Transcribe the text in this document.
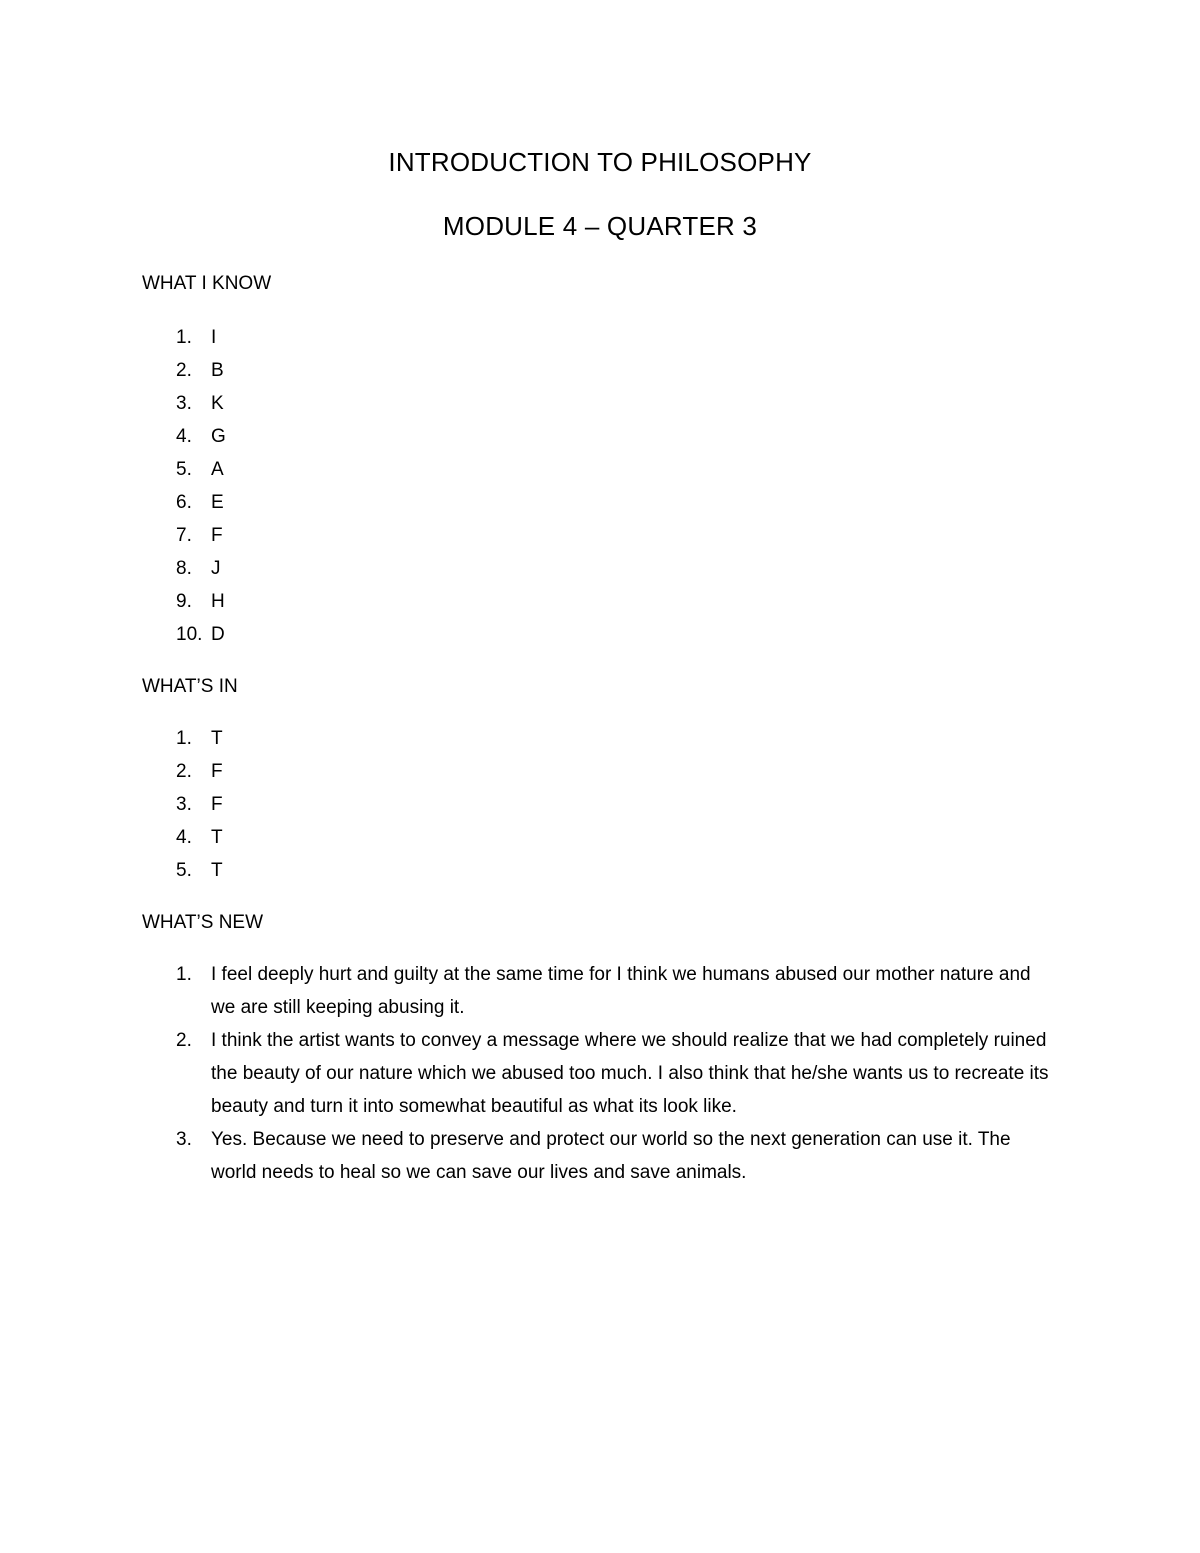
INTRODUCTION TO PHILOSOPHY
MODULE 4 – QUARTER 3
WHAT I KNOW
1.	I
2.	B
3.	K
4.	G
5.	A
6.	E
7.	F
8.	J
9.	H
10. D
WHAT’S IN
1.	T
2.	F
3.	F
4.	T
5.	T
WHAT’S NEW
1. I feel deeply hurt and guilty at the same time for I think we humans abused our mother nature and we are still keeping abusing it.
2. I think the artist wants to convey a message where we should realize that we had completely ruined the beauty of our nature which we abused too much. I also think that he/she wants us to recreate its beauty and turn it into somewhat beautiful as what its look like.
3. Yes. Because we need to preserve and protect our world so the next generation can use it. The world needs to heal so we can save our lives and save animals.
